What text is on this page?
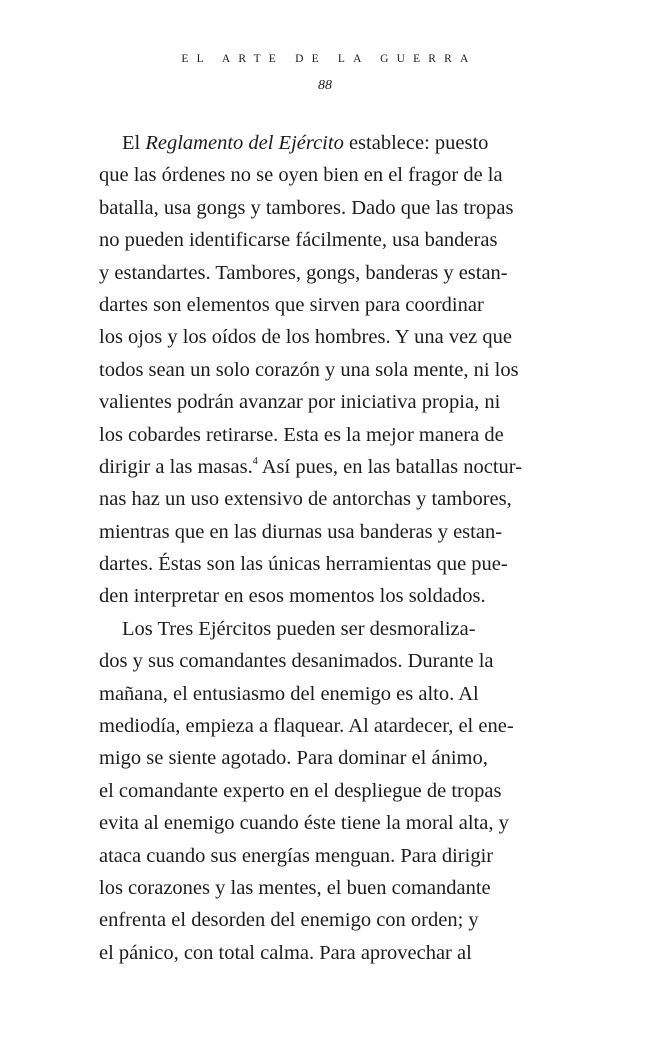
EL ARTE DE LA GUERRA
88
El Reglamento del Ejército establece: puesto
que las órdenes no se oyen bien en el fragor de la
batalla, usa gongs y tambores. Dado que las tropas
no pueden identificarse fácilmente, usa banderas
y estandartes. Tambores, gongs, banderas y estan-
dartes son elementos que sirven para coordinar
los ojos y los oídos de los hombres. Y una vez que
todos sean un solo corazón y una sola mente, ni los
valientes podrán avanzar por iniciativa propia, ni
los cobardes retirarse. Esta es la mejor manera de
dirigir a las masas.$^4$ Así pues, en las batallas noctur-
nas haz un uso extensivo de antorchas y tambores,
mientras que en las diurnas usa banderas y estan-
dartes. Éstas son las únicas herramientas que pue-
den interpretar en esos momentos los soldados.
Los Tres Ejércitos pueden ser desmoraliza-
dos y sus comandantes desanimados. Durante la
mañana, el entusiasmo del enemigo es alto. Al
mediodía, empieza a flaquear. Al atardecer, el ene-
migo se siente agotado. Para dominar el ánimo,
el comandante experto en el despliegue de tropas
evita al enemigo cuando éste tiene la moral alta, y
ataca cuando sus energías menguan. Para dirigir
los corazones y las mentes, el buen comandante
enfrenta el desorden del enemigo con orden; y
el pánico, con total calma. Para aprovechar al
